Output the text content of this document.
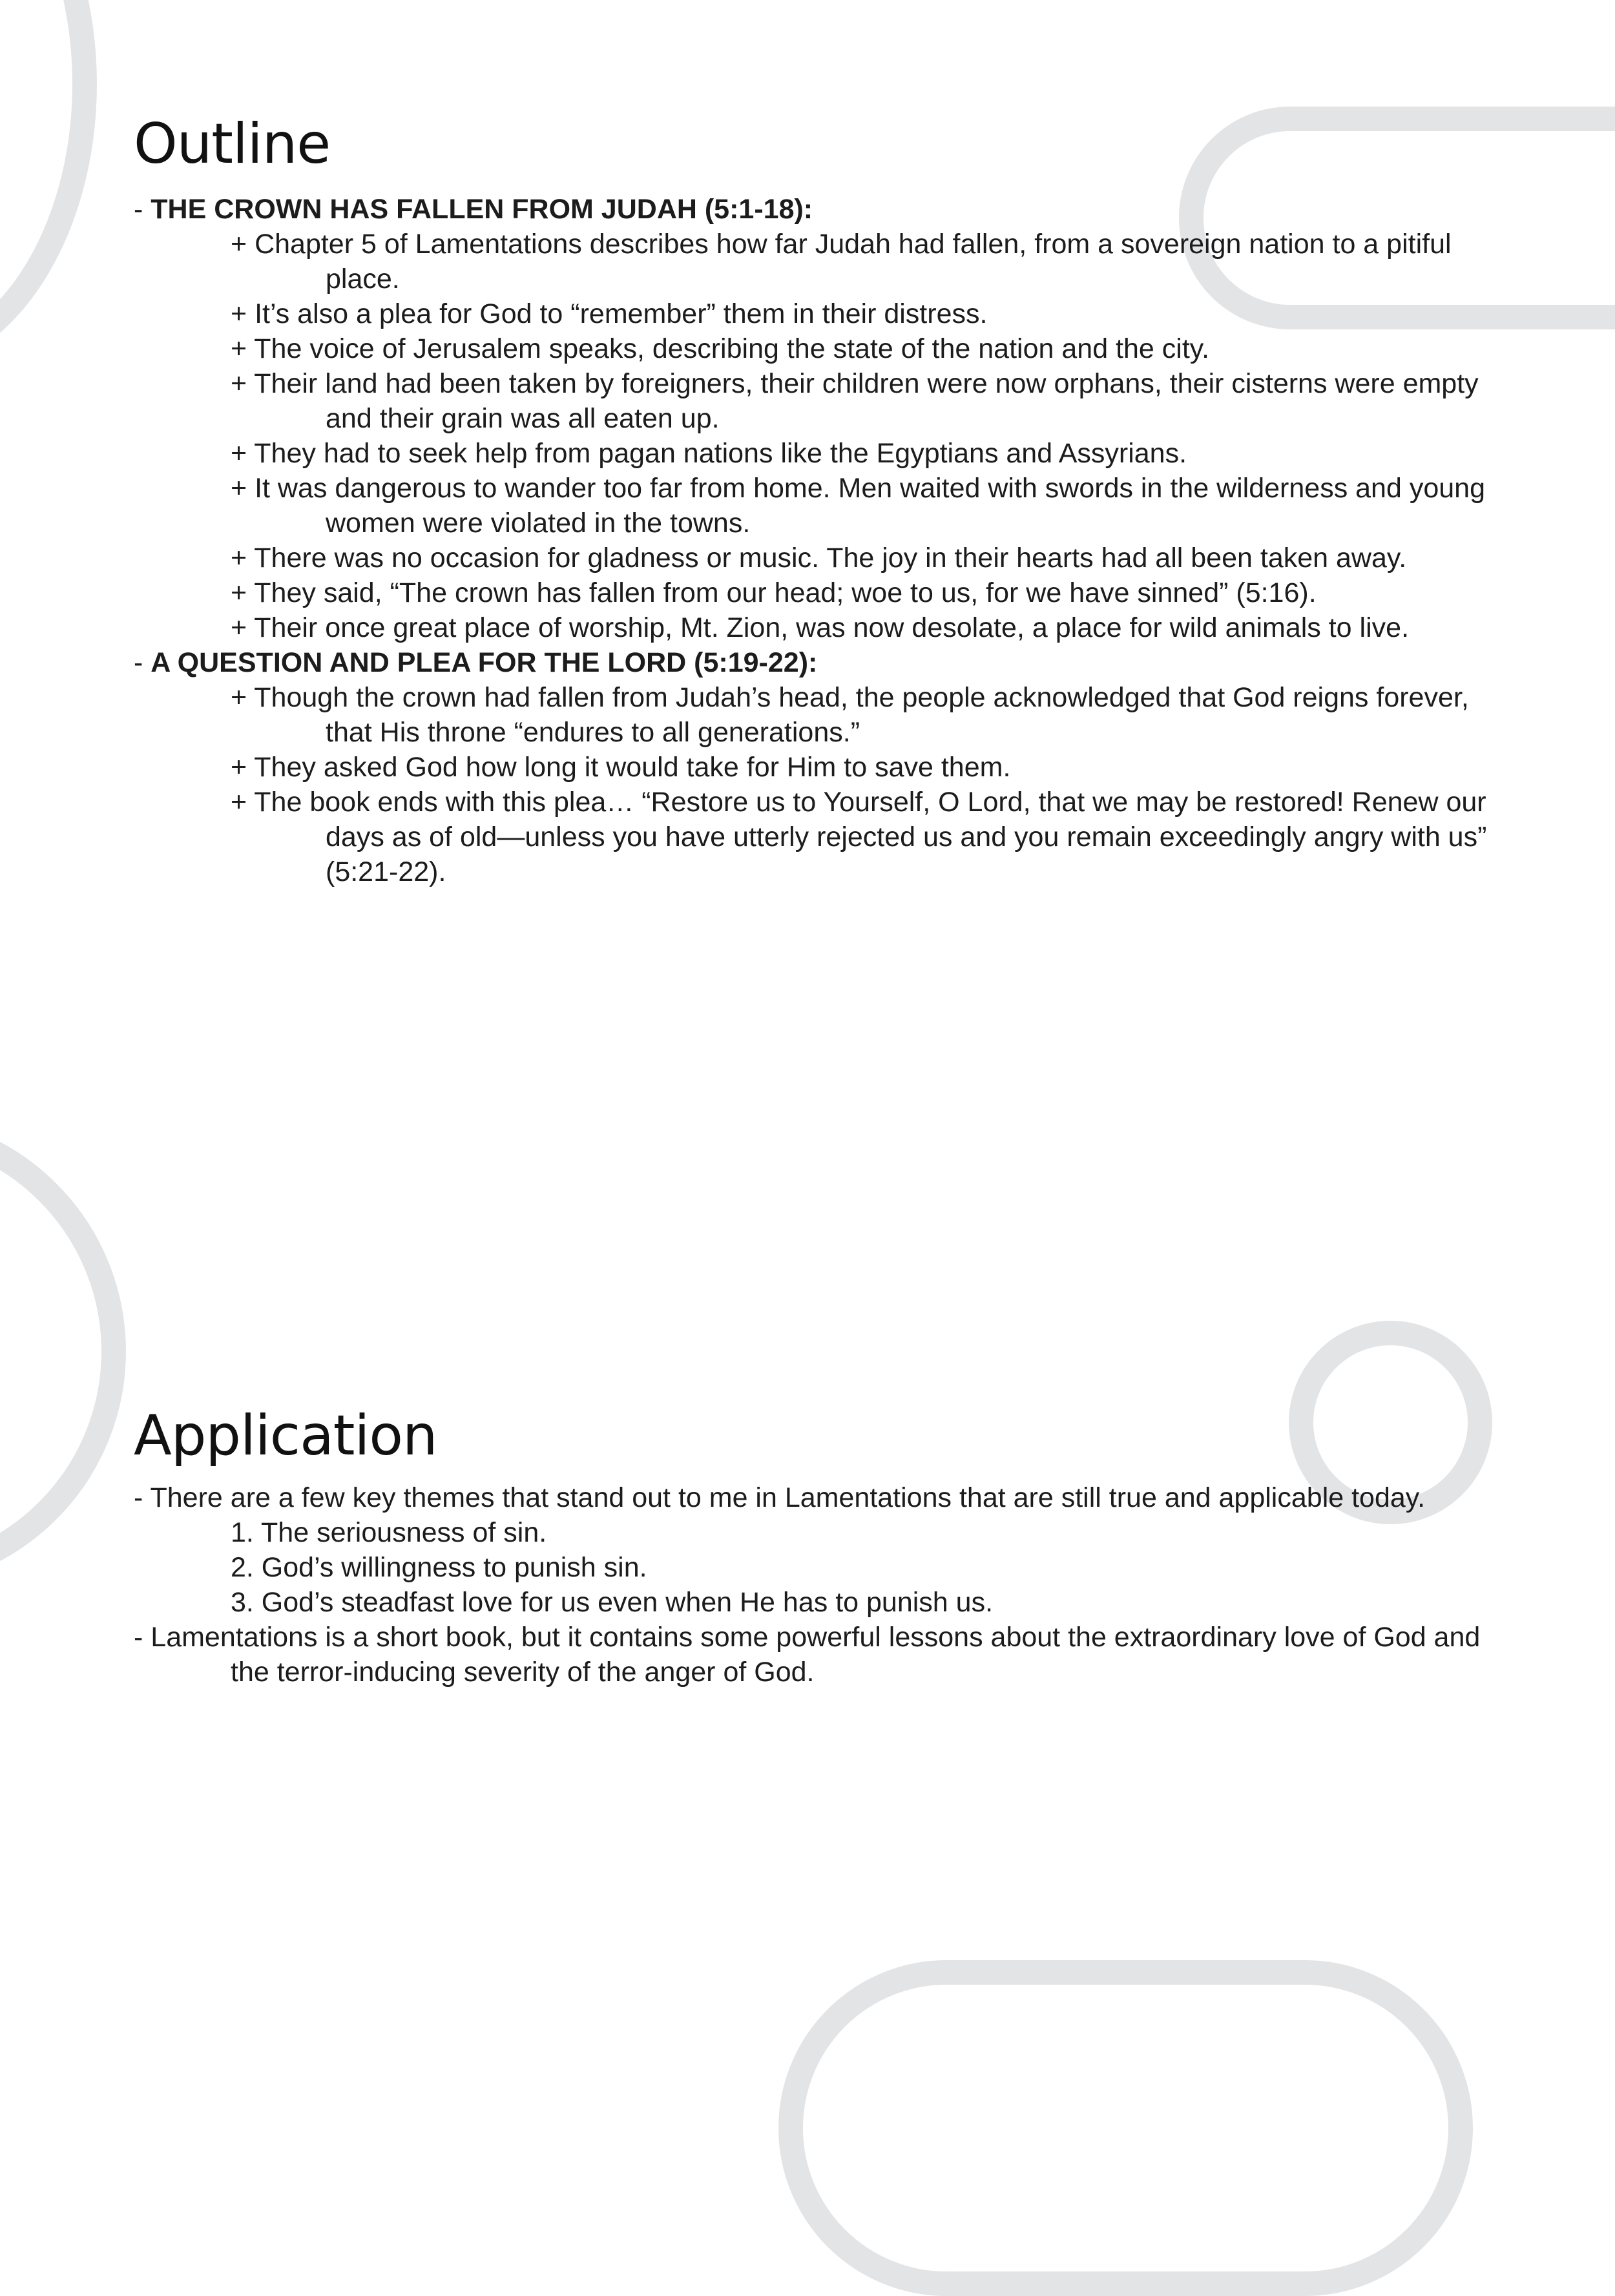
Outline
- THE CROWN HAS FALLEN FROM JUDAH (5:1-18):
+ Chapter 5 of Lamentations describes how far Judah had fallen, from a sovereign nation to a pitiful place.
+ It’s also a plea for God to “remember” them in their distress.
+ The voice of Jerusalem speaks, describing the state of the nation and the city.
+ Their land had been taken by foreigners, their children were now orphans, their cisterns were empty and their grain was all eaten up.
+ They had to seek help from pagan nations like the Egyptians and Assyrians.
+ It was dangerous to wander too far from home. Men waited with swords in the wilderness and young women were violated in the towns.
+ There was no occasion for gladness or music. The joy in their hearts had all been taken away.
+ They said, “The crown has fallen from our head; woe to us, for we have sinned” (5:16).
+ Their once great place of worship, Mt. Zion, was now desolate, a place for wild animals to live.
- A QUESTION AND PLEA FOR THE LORD (5:19-22):
+ Though the crown had fallen from Judah’s head, the people acknowledged that God reigns forever, that His throne “endures to all generations.”
+ They asked God how long it would take for Him to save them.
+ The book ends with this plea… “Restore us to Yourself, O Lord, that we may be restored! Renew our days as of old—unless you have utterly rejected us and you remain exceedingly angry with us” (5:21-22).
Application
- There are a few key themes that stand out to me in Lamentations that are still true and applicable today.
1. The seriousness of sin.
2. God’s willingness to punish sin.
3. God’s steadfast love for us even when He has to punish us.
- Lamentations is a short book, but it contains some powerful lessons about the extraordinary love of God and the terror-inducing severity of the anger of God.
